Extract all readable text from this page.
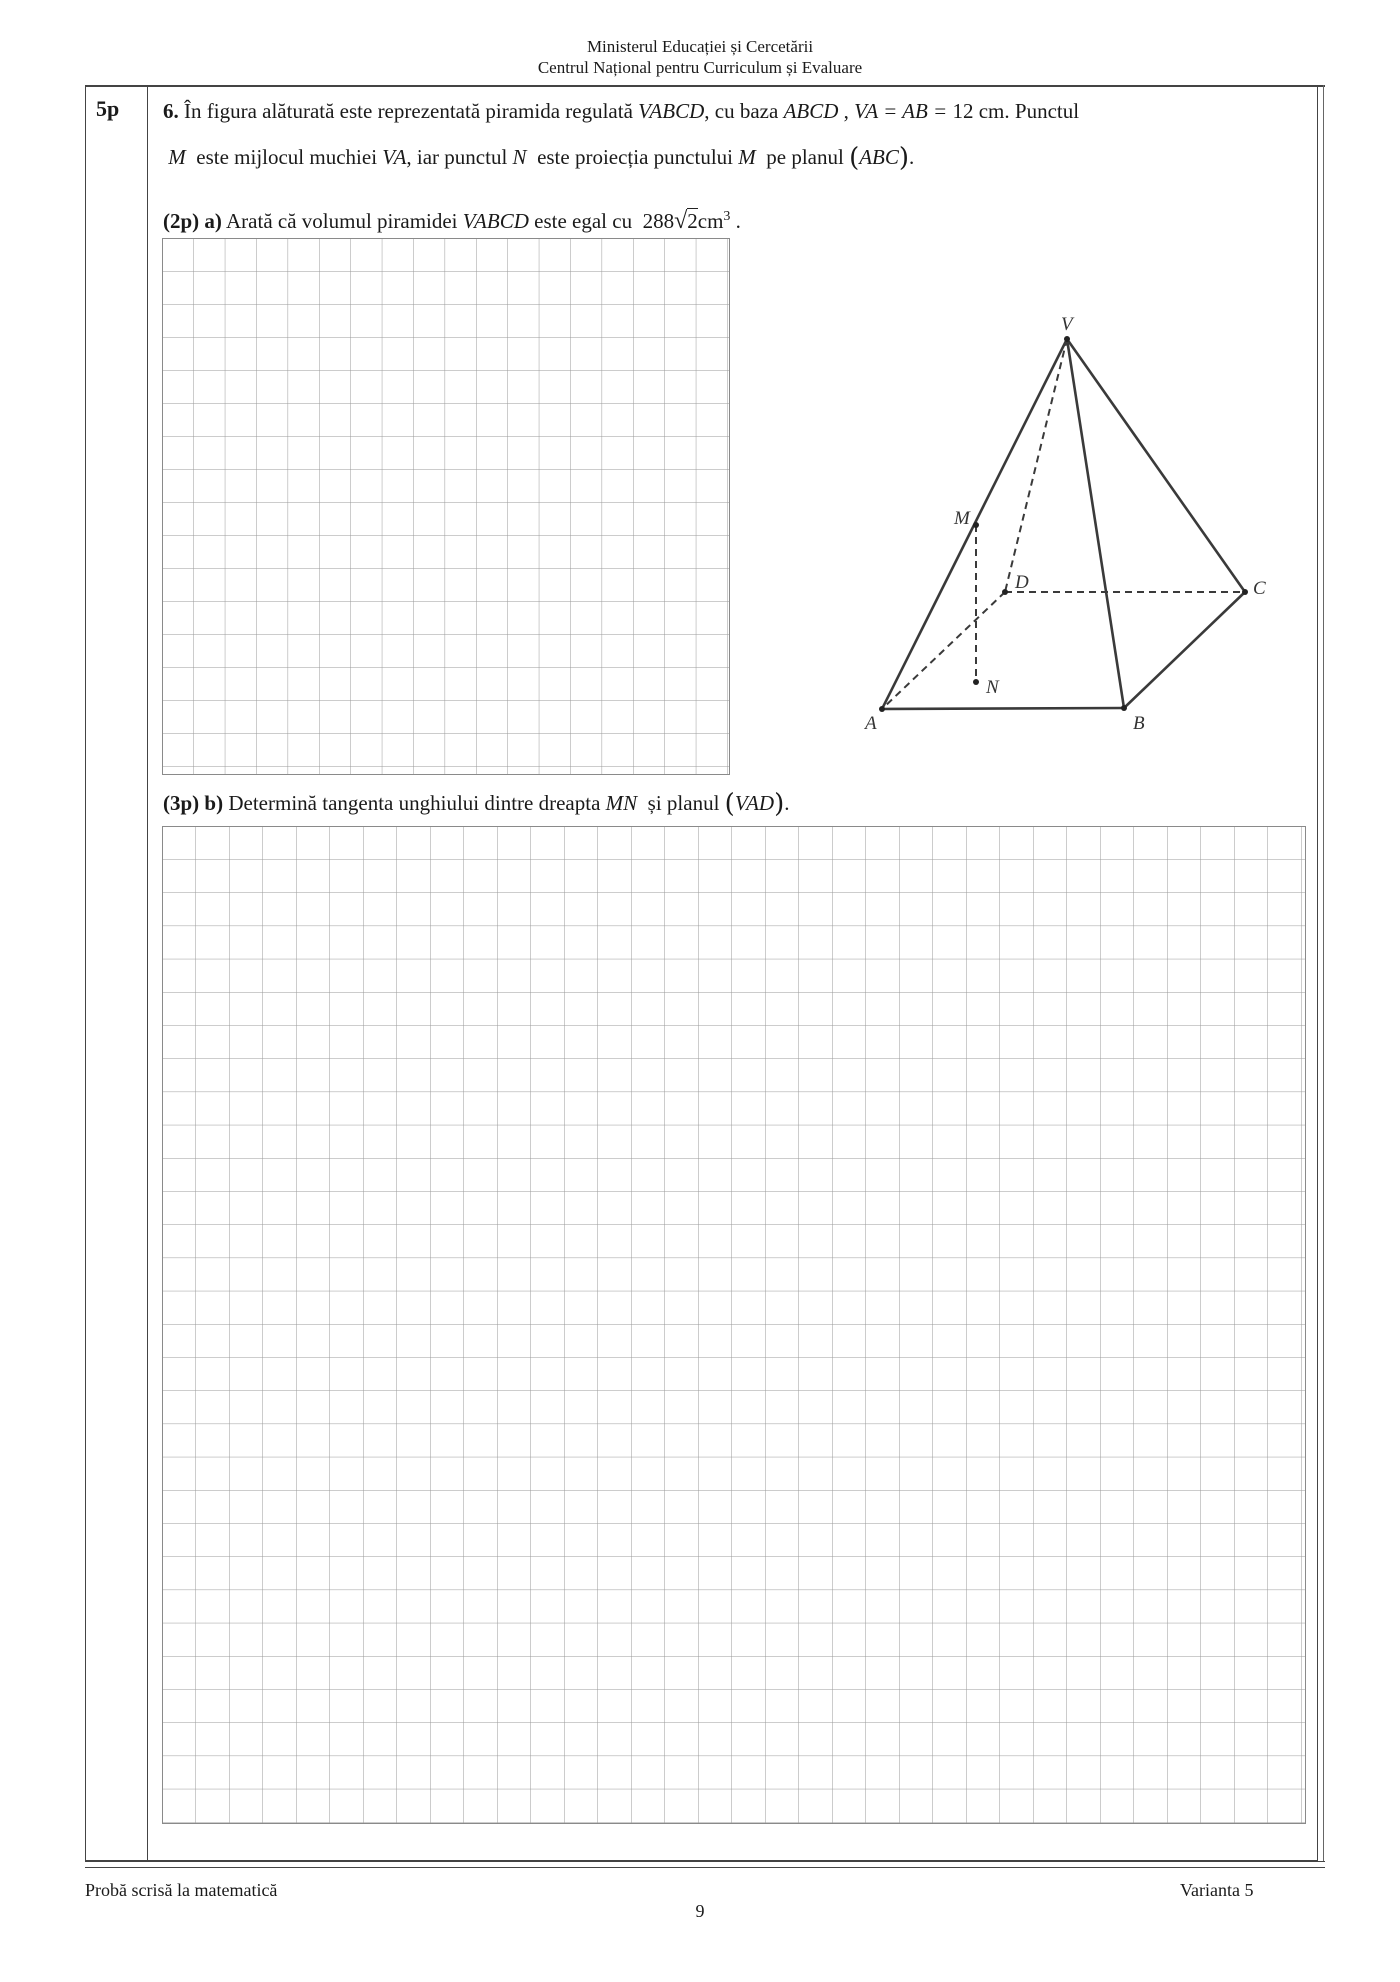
Ministerul Educației și Cercetării
Centrul Național pentru Curriculum și Evaluare
5p 6. În figura alăturată este reprezentată piramida regulată VABCD, cu baza ABCD , VA = AB = 12 cm. Punctul
M este mijlocul muchiei VA, iar punctul N este proiecția punctului M pe planul (ABC).
(2p) a) Arată că volumul piramidei VABCD este egal cu $288√2cm^3$ .
(3p) b) Determină tangenta unghiului dintre dreapta MN și planul (VAD).
V
M
D	C
N
A	B
Probă scrisă la matematică	Varianta 5
9
